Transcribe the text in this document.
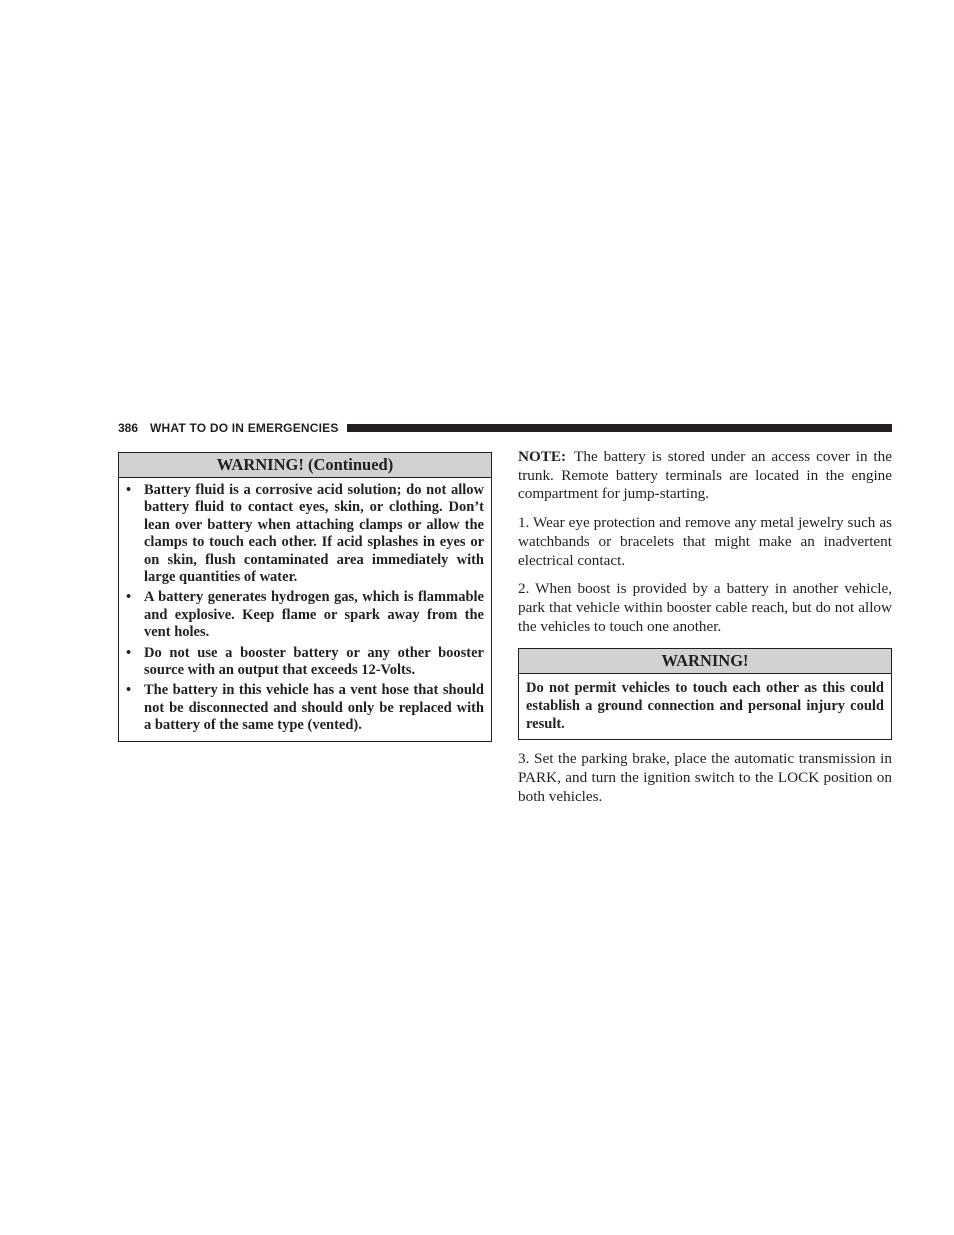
386 WHAT TO DO IN EMERGENCIES
WARNING! (Continued)
• Battery fluid is a corrosive acid solution; do not allow battery fluid to contact eyes, skin, or clothing. Don’t lean over battery when attaching clamps or allow the clamps to touch each other. If acid splashes in eyes or on skin, flush contaminated area immediately with large quantities of water.
• A battery generates hydrogen gas, which is flammable and explosive. Keep flame or spark away from the vent holes.
• Do not use a booster battery or any other booster source with an output that exceeds 12-Volts.
• The battery in this vehicle has a vent hose that should not be disconnected and should only be replaced with a battery of the same type (vented).

NOTE: The battery is stored under an access cover in the trunk. Remote battery terminals are located in the engine compartment for jump-starting.

1. Wear eye protection and remove any metal jewelry such as watchbands or bracelets that might make an inadvertent electrical contact.

2. When boost is provided by a battery in another vehicle, park that vehicle within booster cable reach, but do not allow the vehicles to touch one another.

WARNING!
Do not permit vehicles to touch each other as this could establish a ground connection and personal injury could result.

3. Set the parking brake, place the automatic transmission in PARK, and turn the ignition switch to the LOCK position on both vehicles.
